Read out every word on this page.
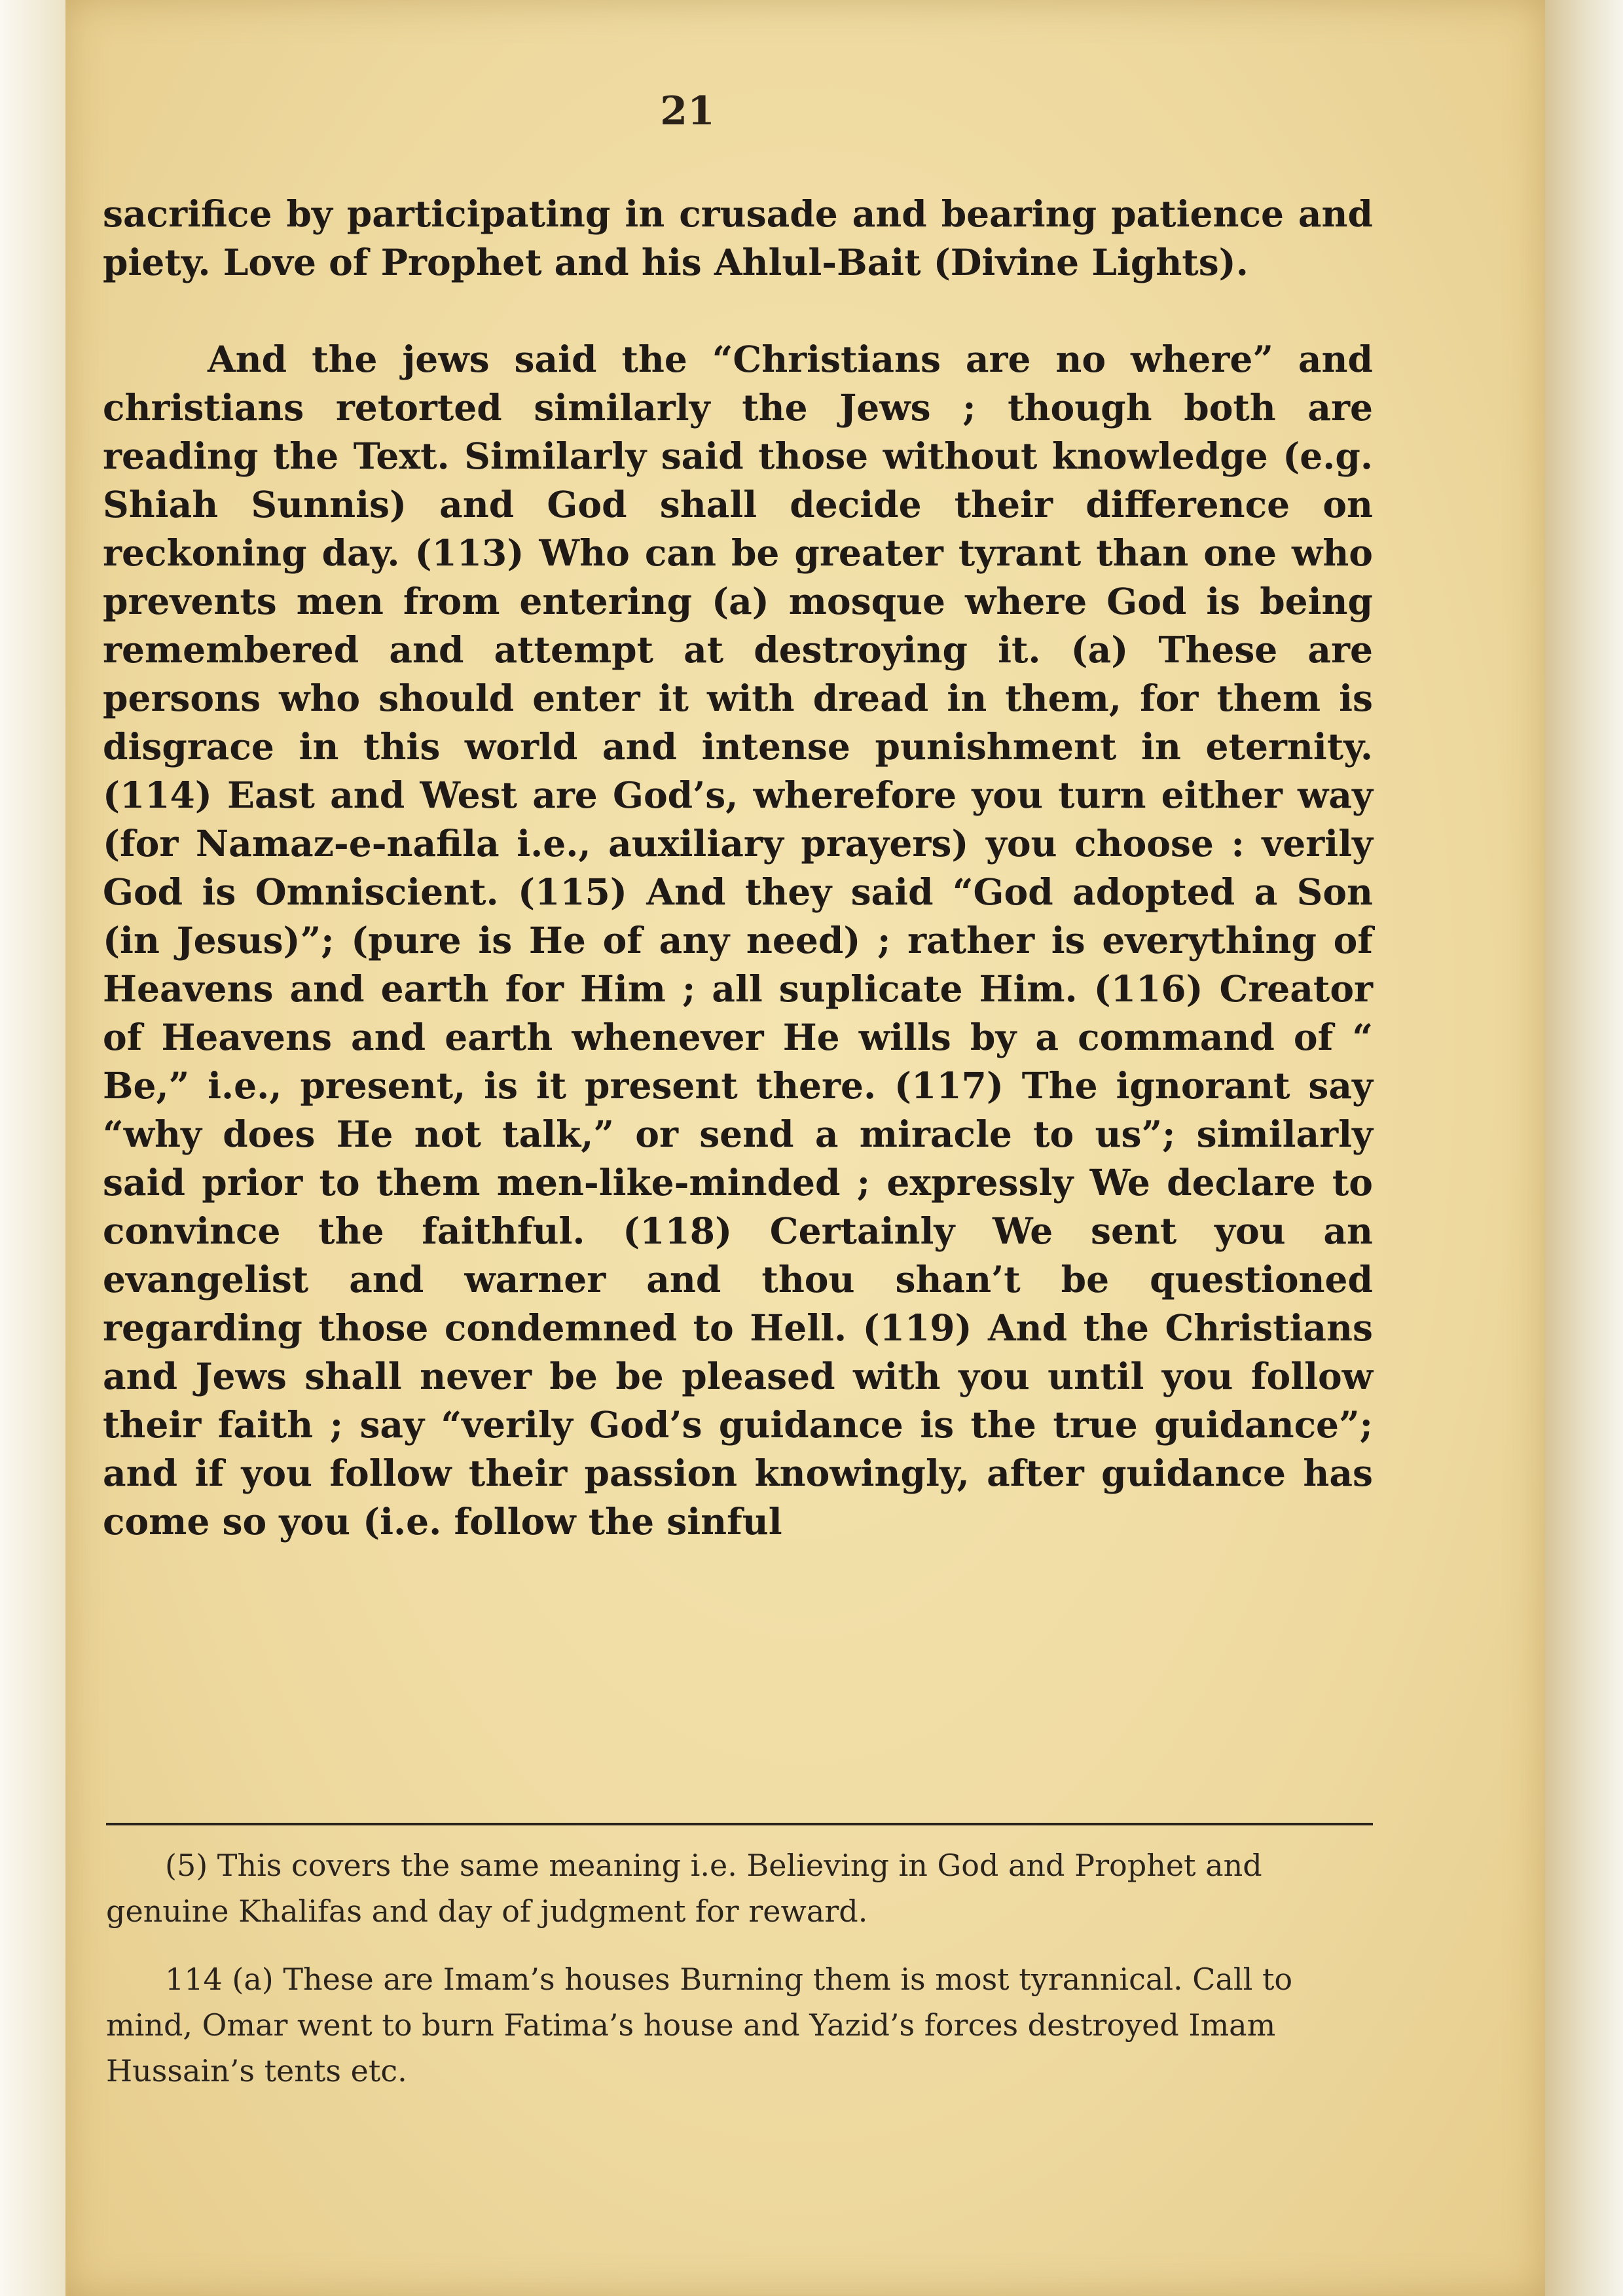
21

sacrifice by participating in crusade and bearing patience and piety. Love of Prophet and his Ahlul-Bait (Divine Lights).

And the jews said the “Christians are no where” and christians retorted similarly the Jews ; though both are reading the Text. Similarly said those without knowledge (e.g. Shiah Sunnis) and God shall decide their difference on reckoning day. (113) Who can be greater tyrant than one who prevents men from entering (a) mosque where God is being remembered and attempt at destroying it. (a) These are persons who should enter it with dread in them, for them is disgrace in this world and intense punishment in eternity. (114) East and West are God’s, wherefore you turn either way (for Namaz-e-nafila i.e., auxiliary prayers) you choose : verily God is Omniscient. (115) And they said “God adopted a Son (in Jesus)”; (pure is He of any need) ; rather is everything of Heavens and earth for Him ; all suplicate Him. (116) Creator of Heavens and earth whenever He wills by a command of “ Be,” i.e., present, is it present there. (117) The ignorant say “why does He not talk,” or send a miracle to us”; similarly said prior to them men-like-minded ; expressly We declare to convince the faithful. (118) Certainly We sent you an evangelist and warner and thou shan’t be questioned regarding those condemned to Hell. (119) And the Christians and Jews shall never be be pleased with you until you follow their faith ; say “verily God’s guidance is the true guidance”; and if you follow their passion knowingly, after guidance has come so you (i.e. follow the sinful

(5) This covers the same meaning i.e. Believing in God and Prophet and genuine Khalifas and day of judgment for reward.

114 (a) These are Imam’s houses Burning them is most tyrannical. Call to mind, Omar went to burn Fatima’s house and Yazid’s forces destroyed Imam Hussain’s tents etc.
